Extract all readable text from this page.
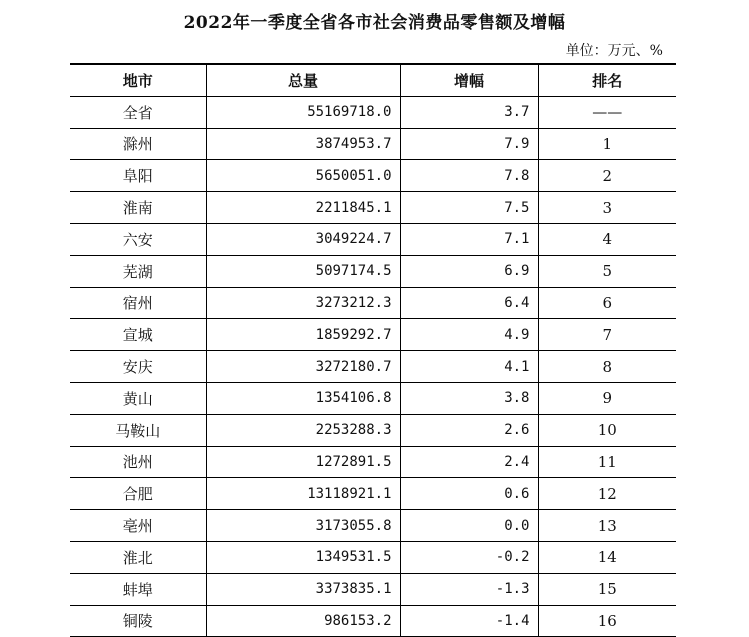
2022年一季度全省各市社会消费品零售额及增幅
单位：万元、%
地市	总量	增幅	排名
全省	55169718.0	3.7	——
滁州	3874953.7	7.9	1
阜阳	5650051.0	7.8	2
淮南	2211845.1	7.5	3
六安	3049224.7	7.1	4
芜湖	5097174.5	6.9	5
宿州	3273212.3	6.4	6
宣城	1859292.7	4.9	7
安庆	3272180.7	4.1	8
黄山	1354106.8	3.8	9
马鞍山	2253288.3	2.6	10
池州	1272891.5	2.4	11
合肥	13118921.1	0.6	12
亳州	3173055.8	0.0	13
淮北	1349531.5	-0.2	14
蚌埠	3373835.1	-1.3	15
铜陵	986153.2	-1.4	16
